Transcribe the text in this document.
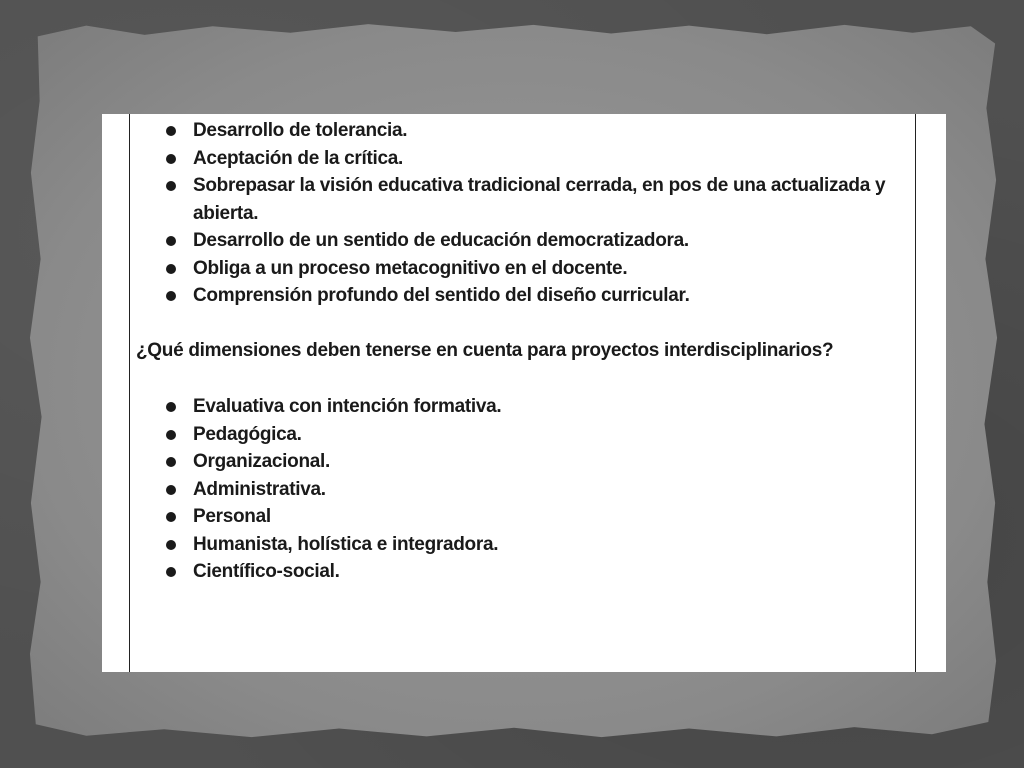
Desarrollo de tolerancia.
Aceptación de la crítica.
Sobrepasar la visión educativa tradicional cerrada, en pos de una actualizada y abierta.
Desarrollo de un sentido de educación democratizadora.
Obliga a un proceso metacognitivo en el docente.
Comprensión profundo del sentido del diseño curricular.

¿Qué dimensiones deben tenerse en cuenta para proyectos interdisciplinarios?

Evaluativa con intención formativa.
Pedagógica.
Organizacional.
Administrativa.
Personal
Humanista, holística e integradora.
Científico-social.
